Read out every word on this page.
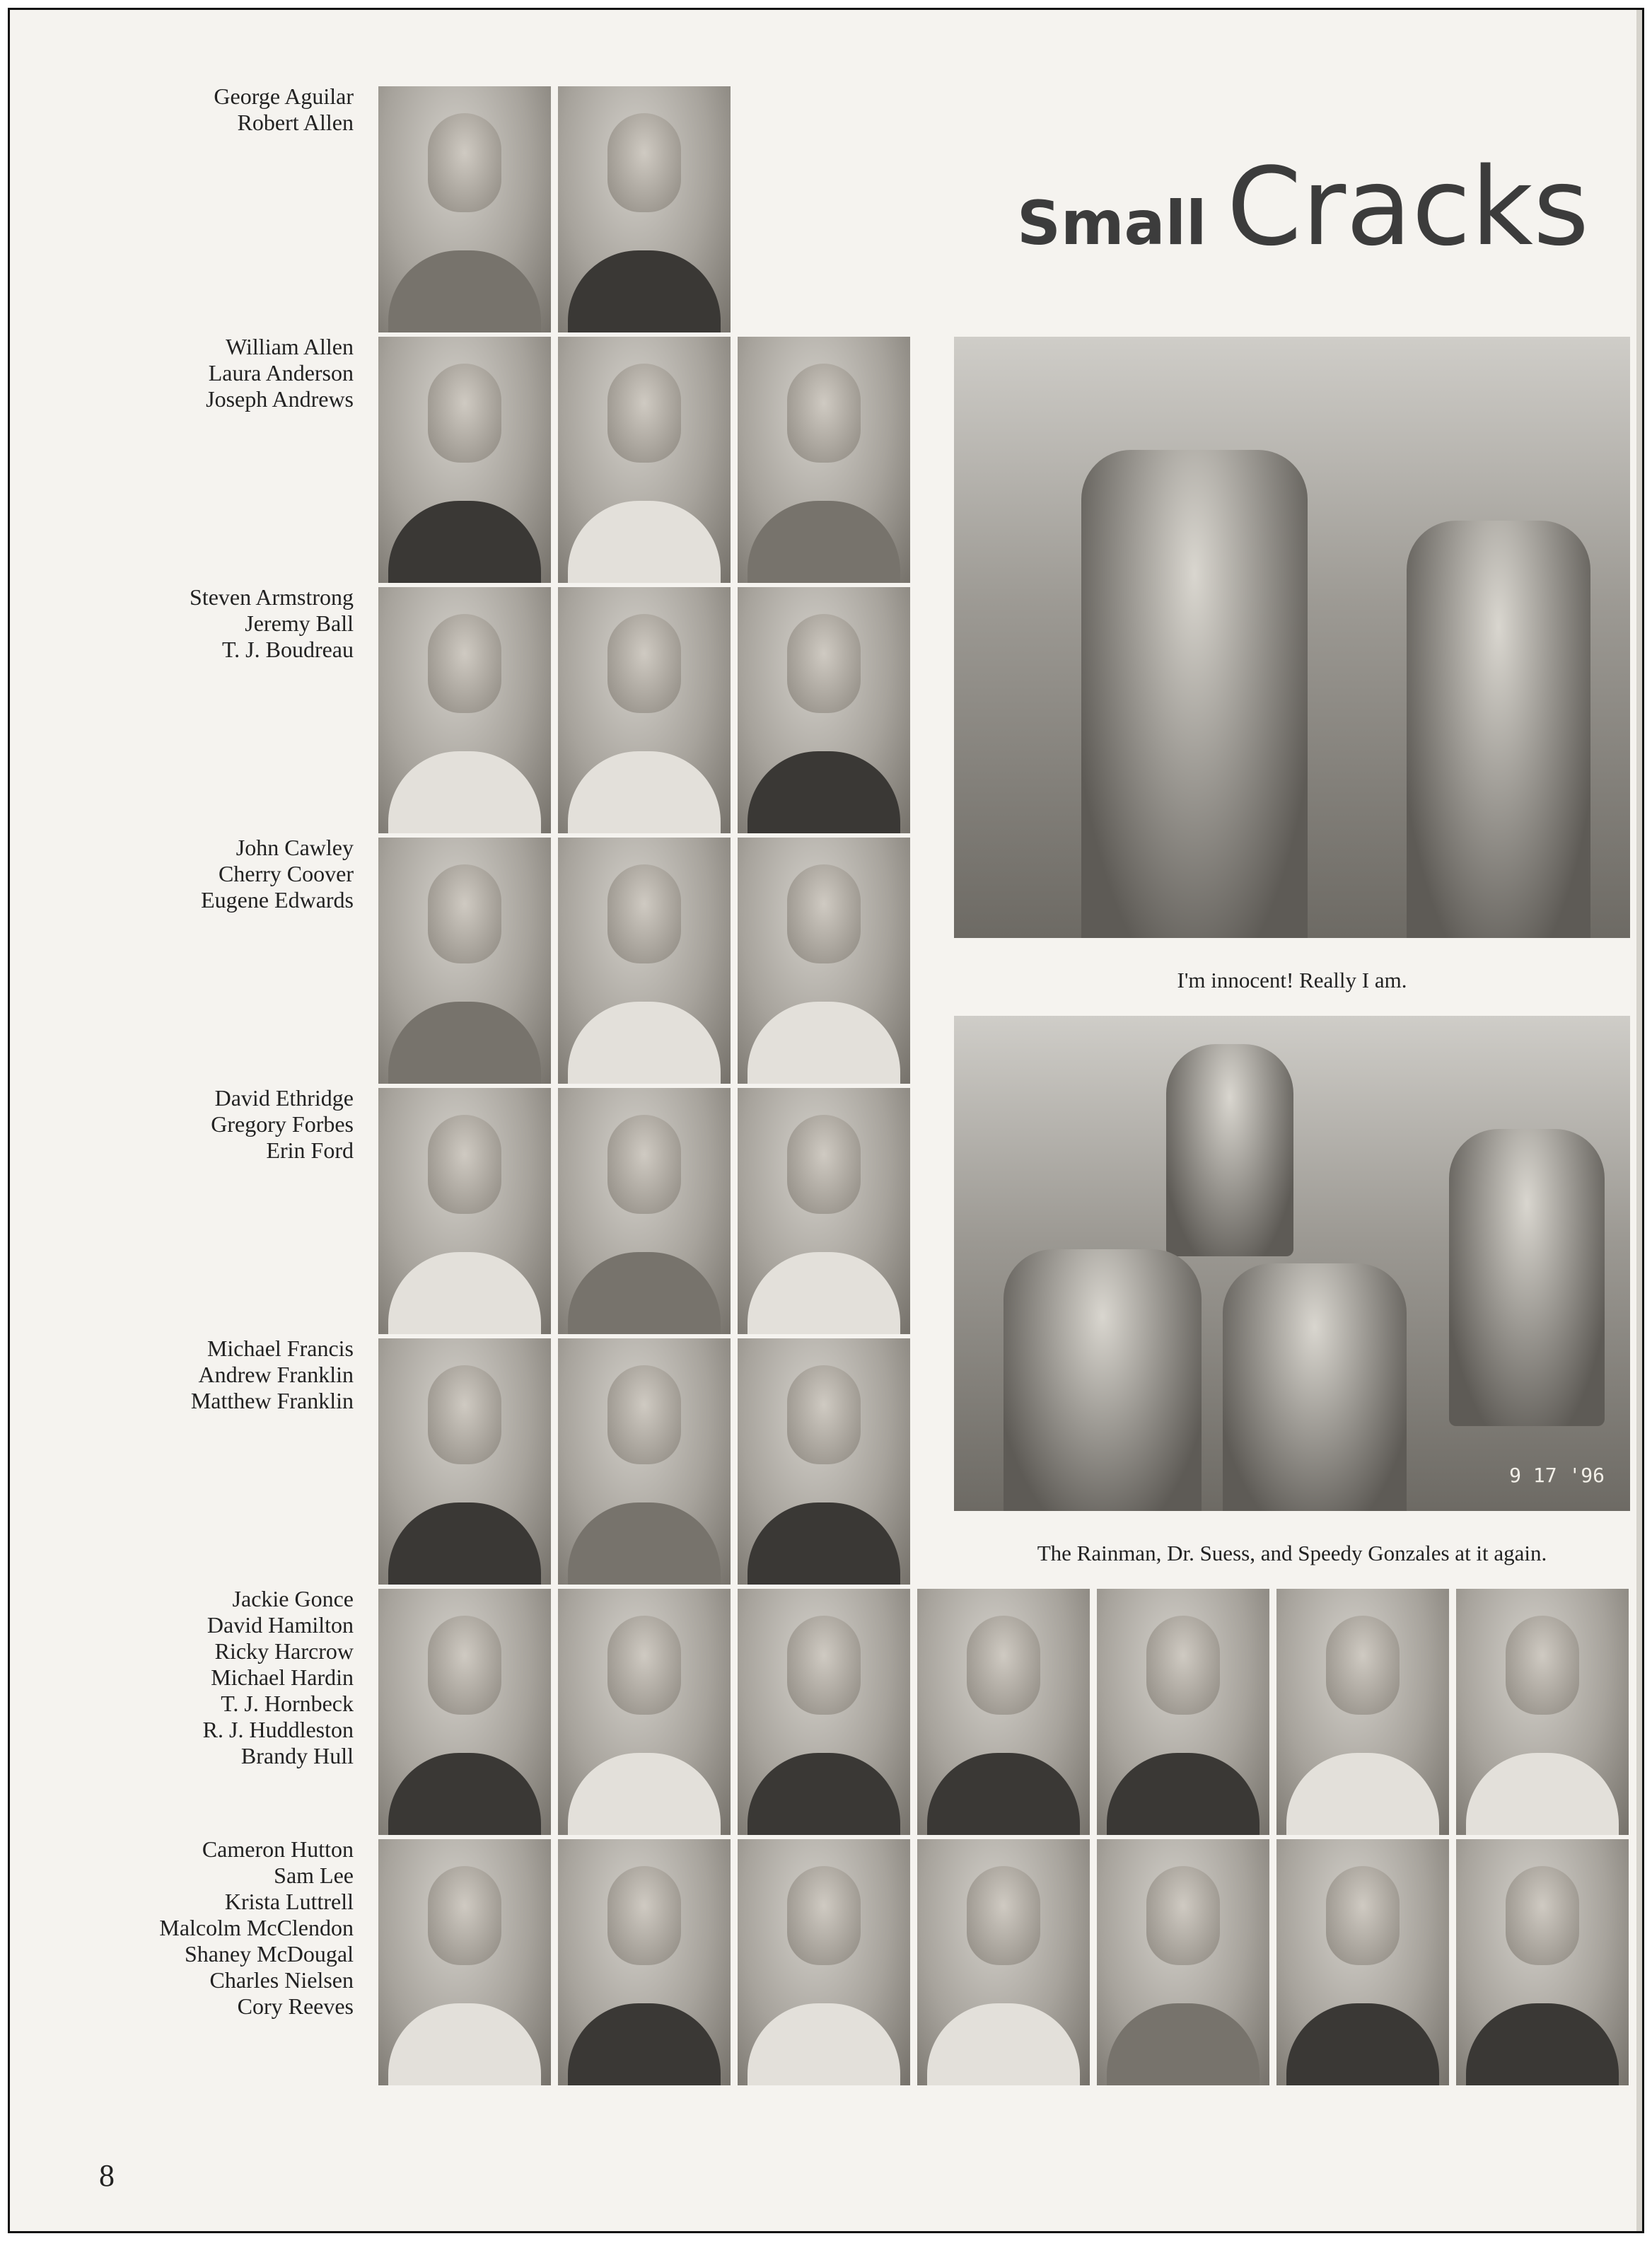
George Aguilar
Robert Allen
William Allen
Laura Anderson
Joseph Andrews
Steven Armstrong
Jeremy Ball
T. J. Boudreau
John Cawley
Cherry Coover
Eugene Edwards
David Ethridge
Gregory Forbes
Erin Ford
Michael Francis
Andrew Franklin
Matthew Franklin
Jackie Gonce
David Hamilton
Ricky Harcrow
Michael Hardin
T. J. Hornbeck
R. J. Huddleston
Brandy Hull
Cameron Hutton
Sam Lee
Krista Luttrell
Malcolm McClendon
Shaney McDougal
Charles Nielsen
Cory Reeves
Small Cracks
I'm innocent! Really I am.
9 17 '96
The Rainman, Dr. Suess, and Speedy Gonzales at it again.
8
